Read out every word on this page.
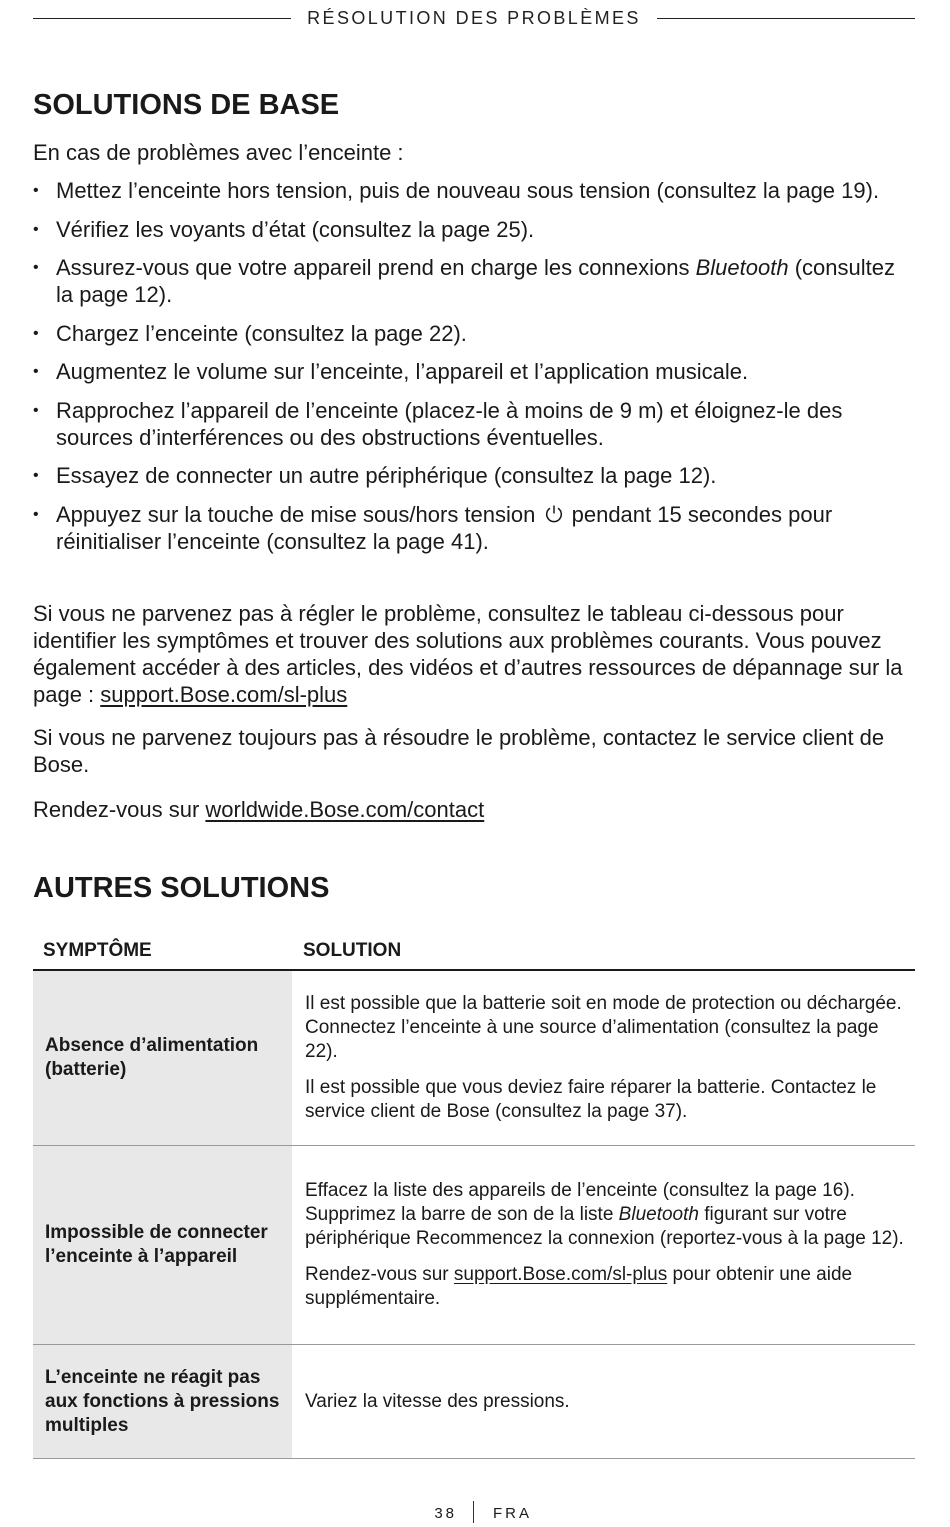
RÉSOLUTION DES PROBLÈMES
SOLUTIONS DE BASE
En cas de problèmes avec l’enceinte :
• Mettez l’enceinte hors tension, puis de nouveau sous tension (consultez la page 19).
• Vérifiez les voyants d’état (consultez la page 25).
• Assurez-vous que votre appareil prend en charge les connexions Bluetooth (consultez la page 12).
• Chargez l’enceinte (consultez la page 22).
• Augmentez le volume sur l’enceinte, l’appareil et l’application musicale.
• Rapprochez l’appareil de l’enceinte (placez-le à moins de 9 m) et éloignez-le des sources d’interférences ou des obstructions éventuelles.
• Essayez de connecter un autre périphérique (consultez la page 12).
• Appuyez sur la touche de mise sous/hors tension  pendant 15 secondes pour réinitialiser l’enceinte (consultez la page 41).
Si vous ne parvenez pas à régler le problème, consultez le tableau ci-dessous pour identifier les symptômes et trouver des solutions aux problèmes courants. Vous pouvez également accéder à des articles, des vidéos et d’autres ressources de dépannage sur la page : support.Bose.com/sl-plus
Si vous ne parvenez toujours pas à résoudre le problème, contactez le service client de Bose.
Rendez-vous sur worldwide.Bose.com/contact
AUTRES SOLUTIONS
SYMPTÔME	SOLUTION
Absence d’alimentation (batterie)

Il est possible que la batterie soit en mode de protection ou déchargée. Connectez l’enceinte à une source d’alimentation (consultez la page 22).

Il est possible que vous deviez faire réparer la batterie. Contactez le service client de Bose (consultez la page 37).

Impossible de connecter l’enceinte à l’appareil

Effacez la liste des appareils de l’enceinte (consultez la page 16). Supprimez la barre de son de la liste Bluetooth figurant sur votre périphérique Recommencez la connexion (reportez-vous à la page 12).

Rendez-vous sur support.Bose.com/sl-plus pour obtenir une aide supplémentaire.

L’enceinte ne réagit pas aux fonctions à pressions multiples

Variez la vitesse des pressions.

38 FRA
